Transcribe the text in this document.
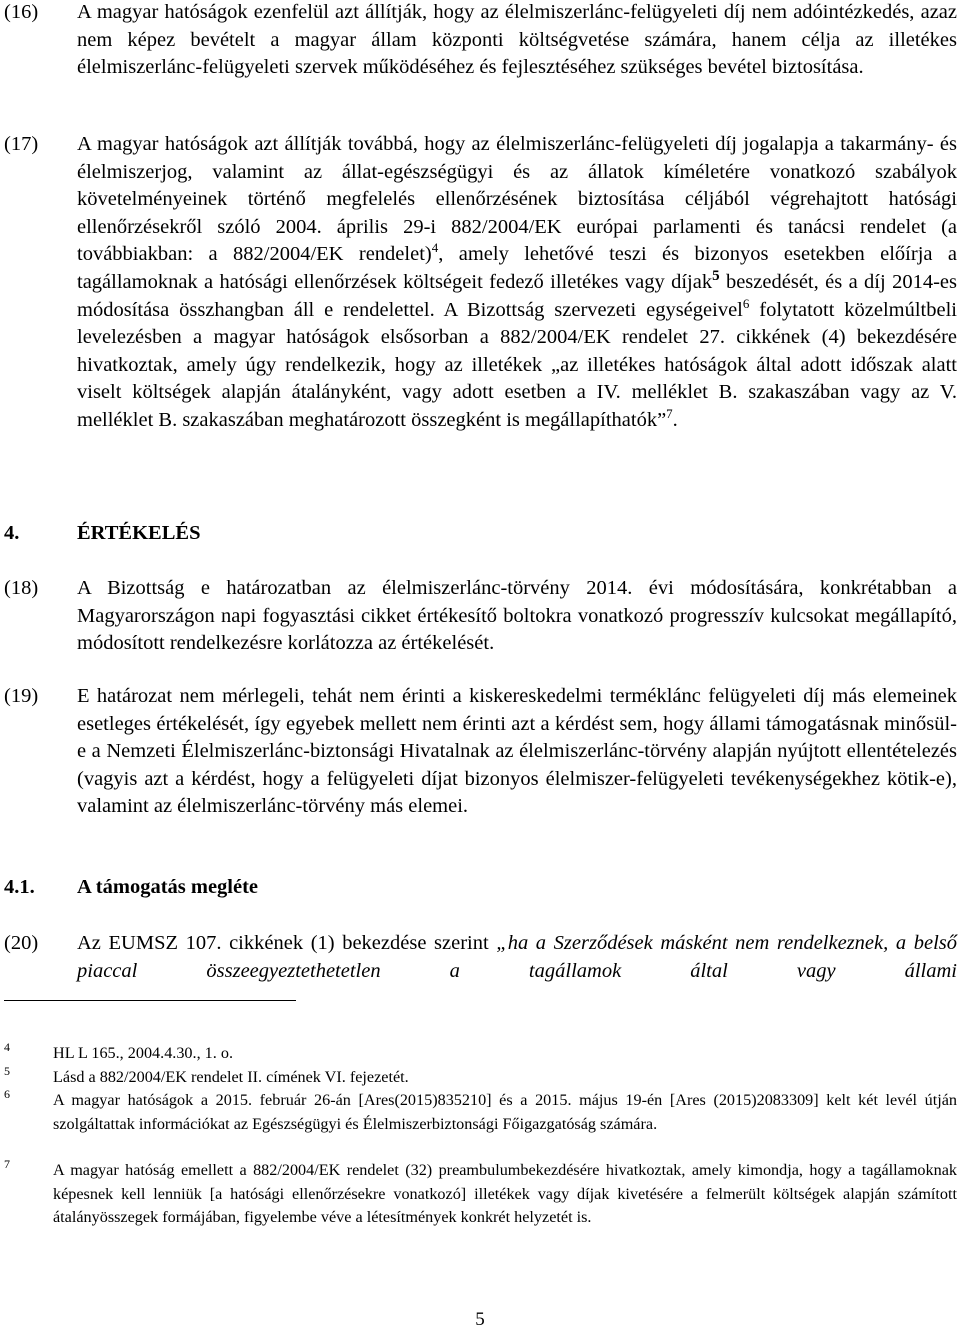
(16) A magyar hatóságok ezenfelül azt állítják, hogy az élelmiszerlánc-felügyeleti díj nem adóintézkedés, azaz nem képez bevételt a magyar állam központi költségvetése számára, hanem célja az illetékes élelmiszerlánc-felügyeleti szervek működéséhez és fejlesztéséhez szükséges bevétel biztosítása.
(17) A magyar hatóságok azt állítják továbbá, hogy az élelmiszerlánc-felügyeleti díj jogalapja a takarmány- és élelmiszerjog, valamint az állat-egészségügyi és az állatok kíméletére vonatkozó szabályok követelményeinek történő megfelelés ellenőrzésének biztosítása céljából végrehajtott hatósági ellenőrzésekről szóló 2004. április 29-i 882/2004/EK európai parlamenti és tanácsi rendelet (a továbbiakban: a 882/2004/EK rendelet)$^4$, amely lehetővé teszi és bizonyos esetekben előírja a tagállamoknak a hatósági ellenőrzések költségeit fedező illetékes vagy díjak$^5$ beszedését, és a díj 2014-es módosítása összhangban áll e rendelettel. A Bizottság szervezeti egységeivel$^6$ folytatott közelmúltbeli levelezésben a magyar hatóságok elsősorban a 882/2004/EK rendelet 27. cikkének (4) bekezdésére hivatkoztak, amely úgy rendelkezik, hogy az illetékek „az illetékes hatóságok által adott időszak alatt viselt költségek alapján átalányként, vagy adott esetben a IV. melléklet B. szakaszában vagy az V. melléklet B. szakaszában meghatározott összegként is megállapíthatók”$^7$.
4.	ÉRTÉKELÉS
(18) A Bizottság e határozatban az élelmiszerlánc-törvény 2014. évi módosítására, konkrétabban a Magyarországon napi fogyasztási cikket értékesítő boltokra vonatkozó progresszív kulcsokat megállapító, módosított rendelkezésre korlátozza az értékelését.
(19) E határozat nem mérlegeli, tehát nem érinti a kiskereskedelmi terméklánc felügyeleti díj más elemeinek esetleges értékelését, így egyebek mellett nem érinti azt a kérdést sem, hogy állami támogatásnak minősül-e a Nemzeti Élelmiszerlánc-biztonsági Hivatalnak az élelmiszerlánc-törvény alapján nyújtott ellentételezés (vagyis azt a kérdést, hogy a felügyeleti díjat bizonyos élelmiszer-felügyeleti tevékenységekhez kötik-e), valamint az élelmiszerlánc-törvény más elemei.
4.1. A támogatás megléte
(20) Az EUMSZ 107. cikkének (1) bekezdése szerint „ha a Szerződések másként nem rendelkeznek, a belső piaccal összeegyeztethetetlen a tagállamok által vagy állami
4	HL L 165., 2004.4.30., 1. o.
5	Lásd a 882/2004/EK rendelet II. címének VI. fejezetét.
6	A magyar hatóságok a 2015. február 26-án [Ares(2015)835210] és a 2015. május 19-én [Ares (2015)2083309] kelt két levél útján szolgáltattak információkat az Egészségügyi és Élelmiszerbiztonsági Főigazgatóság számára.
7	A magyar hatóság emellett a 882/2004/EK rendelet (32) preambulumbekezdésére hivatkoztak, amely kimondja, hogy a tagállamoknak képesnek kell lenniük [a hatósági ellenőrzésekre vonatkozó] illetékek vagy díjak kivetésére a felmerült költségek alapján számított átalányösszegek formájában, figyelembe véve a létesítmények konkrét helyzetét is.
5
